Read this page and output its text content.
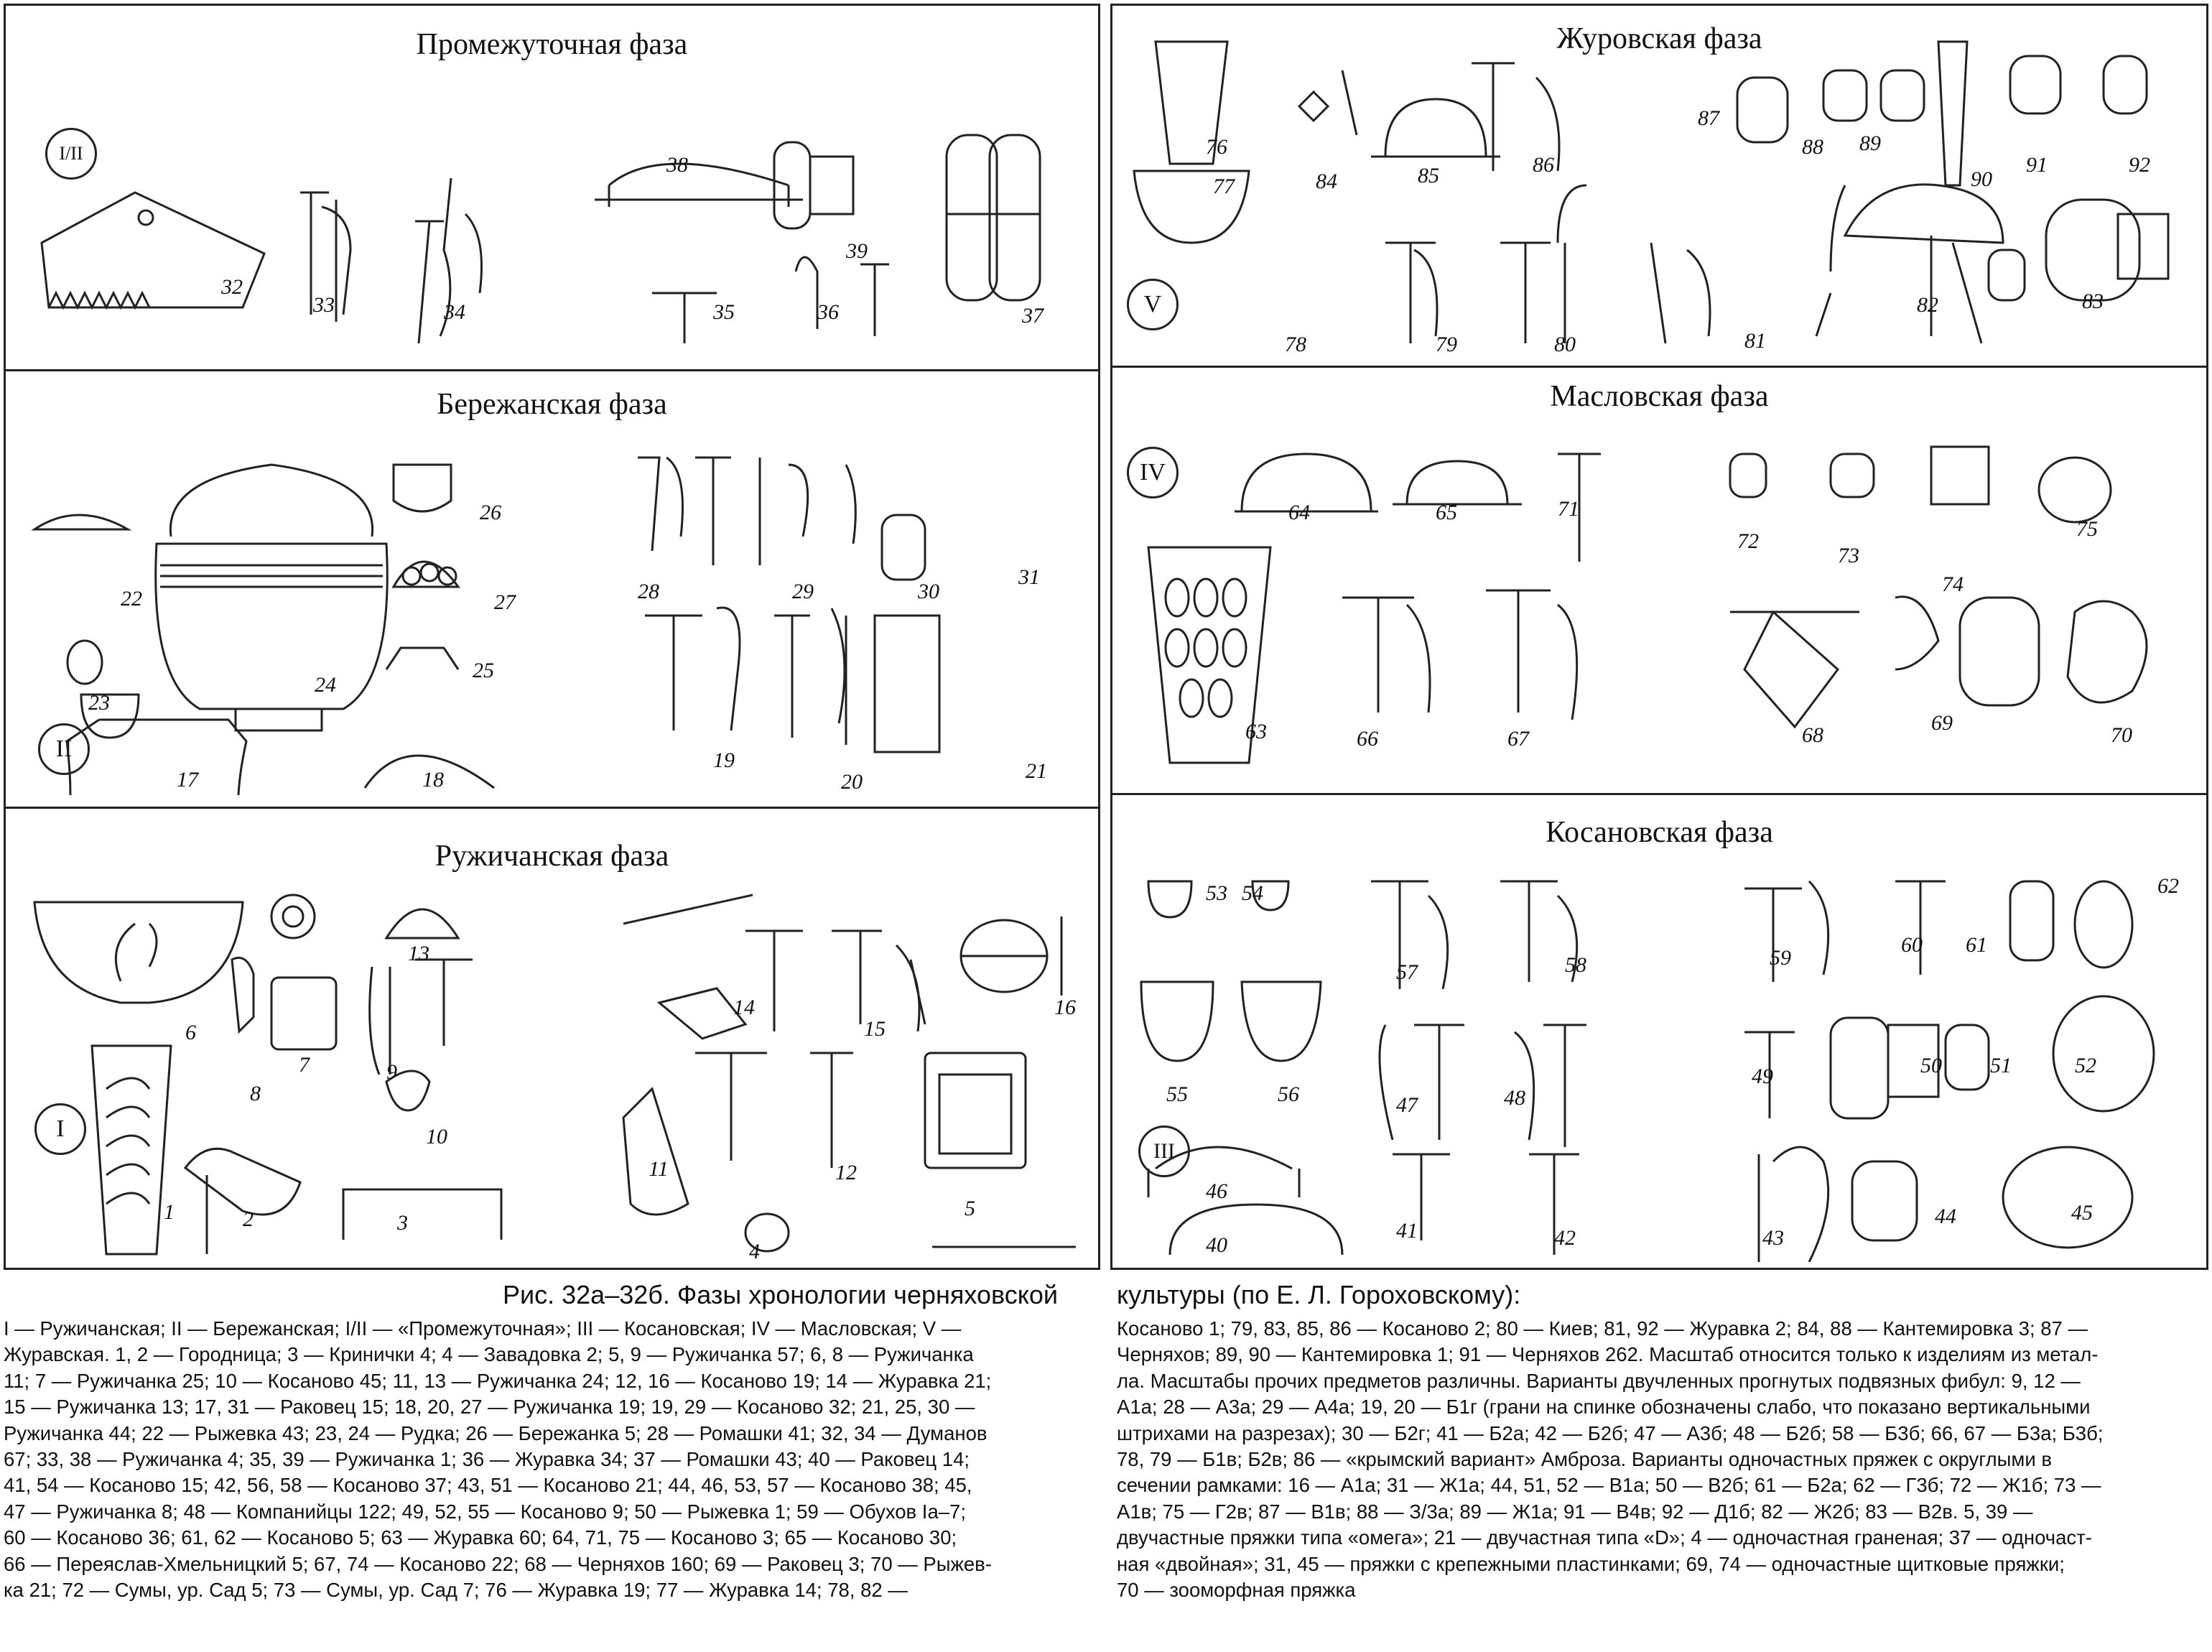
Промежуточная фаза
I/II
32
33	34
38
35	36
39
37
Бережанская фаза
II
22
23
24
26
27
25
17	18
28	29	30
31
19
20	21
Ружичанская фаза
I
6
7
8
9
13
10
1	2	3
14
15
16
11	12
4
5
Журовская фаза
V
76
77	84	85	86
87
88 89
90
91	92
78	79	80	81
82	83
Масловская фаза
IV
64	65	71
72
73
74
75
63	66	67	68
69
70
Косановская фаза
III
53 54
57	58	59
60 61
62
55	56	47	48
50 51	52
49
46
40
41	42	43
44	45
Рис. 32а–32б. Фазы хронологии черняховской культуры (по Е. Л. Гороховскому):
I — Ружичанская; II — Бережанская; I/II — «Промежуточная»; III — Косановская; IV — Масловская; V —
Журавская. 1, 2 — Городница; 3 — Кринички 4; 4 — Завадовка 2; 5, 9 — Ружичанка 57; 6, 8 — Ружичанка
11; 7 — Ружичанка 25; 10 — Косаново 45; 11, 13 — Ружичанка 24; 12, 16 — Косаново 19; 14 — Журавка 21;
15 — Ружичанка 13; 17, 31 — Раковец 15; 18, 20, 27 — Ружичанка 19; 19, 29 — Косаново 32; 21, 25, 30 —
Ружичанка 44; 22 — Рыжевка 43; 23, 24 — Рудка; 26 — Бережанка 5; 28 — Ромашки 41; 32, 34 — Думанов
67; 33, 38 — Ружичанка 4; 35, 39 — Ружичанка 1; 36 — Журавка 34; 37 — Ромашки 43; 40 — Раковец 14;
41, 54 — Косаново 15; 42, 56, 58 — Косаново 37; 43, 51 — Косаново 21; 44, 46, 53, 57 — Косаново 38; 45,
47 — Ружичанка 8; 48 — Компанийцы 122; 49, 52, 55 — Косаново 9; 50 — Рыжевка 1; 59 — Обухов Ia–7;
60 — Косаново 36; 61, 62 — Косаново 5; 63 — Журавка 60; 64, 71, 75 — Косаново 3; 65 — Косаново 30;
66 — Переяслав-Хмельницкий 5; 67, 74 — Косаново 22; 68 — Черняхов 160; 69 — Раковец 3; 70 — Рыжев-
ка 21; 72 — Сумы, ур. Сад 5; 73 — Сумы, ур. Сад 7; 76 — Журавка 19; 77 — Журавка 14; 78, 82 —
Косаново 1; 79, 83, 85, 86 — Косаново 2; 80 — Киев; 81, 92 — Журавка 2; 84, 88 — Кантемировка 3; 87 —
Черняхов; 89, 90 — Кантемировка 1; 91 — Черняхов 262. Масштаб относится только к изделиям из метал-
ла. Масштабы прочих предметов различны. Варианты двучленных прогнутых подвязных фибул: 9, 12 —
А1а; 28 — А3а; 29 — А4а; 19, 20 — Б1г (грани на спинке обозначены слабо, что показано вертикальными
штрихами на разрезах); 30 — Б2г; 41 — Б2а; 42 — Б2б; 47 — А3б; 48 — Б2б; 58 — Б3б; 66, 67 — Б3а; Б3б;
78, 79 — Б1в; Б2в; 86 — «крымский вариант» Амброза. Варианты одночастных пряжек с округлыми в
сечении рамками: 16 — А1а; 31 — Ж1а; 44, 51, 52 — В1а; 50 — В2б; 61 — Б2а; 62 — Г3б; 72 — Ж1б; 73 —
А1в; 75 — Г2в; 87 — В1в; 88 — З/3а; 89 — Ж1а; 91 — В4в; 92 — Д1б; 82 — Ж2б; 83 — В2в. 5, 39 —
двучастные пряжки типа «омега»; 21 — двучастная типа «D»; 4 — одночастная граненая; 37 — одночаст-
ная «двойная»; 31, 45 — пряжки с крепежными пластинками; 69, 74 — одночастные щитковые пряжки;
70 — зооморфная пряжка
